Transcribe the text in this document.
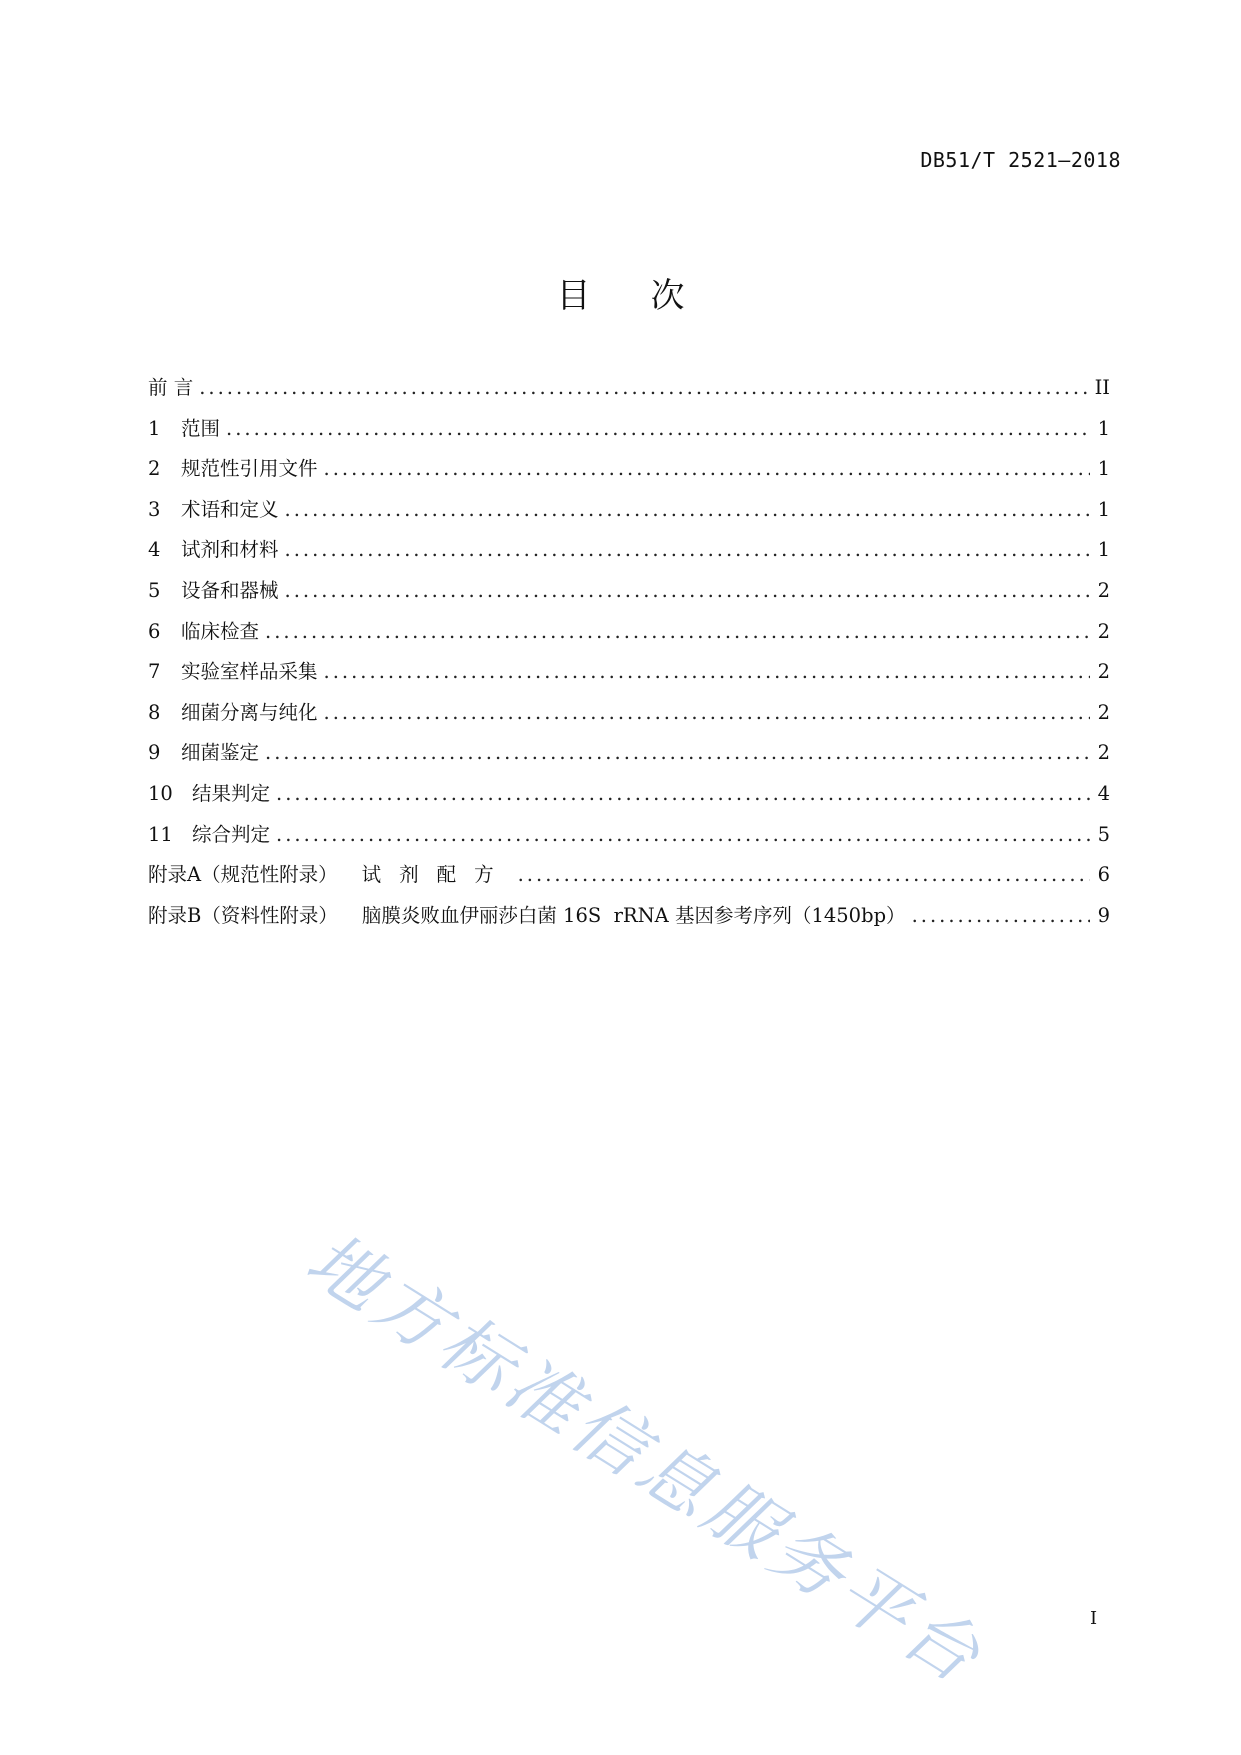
DB51/T 2521—2018
目次
前 言 . . .	II
1	范围 . . .	1
2	规范性引用文件 . . .	1
3	术语和定义 . . .	1
4	试剂和材料 . . .	1
5	设备和器械 . . .	2
6	临床检查 . . .	2
7	实验室样品采集 . . .	2
8	细菌分离与纯化 . . .	2
9	细菌鉴定 . . .	2
10 结果判定 . . .	4
11 综合判定 . . .	5
附录A（规范性附录） 试剂配方 . . .	6
附录B（资料性附录） 脑膜炎败血伊丽莎白菌 16S  rRNA 基因参考序列（1450bp） . . .	9
地方标准信息服务平台	I
